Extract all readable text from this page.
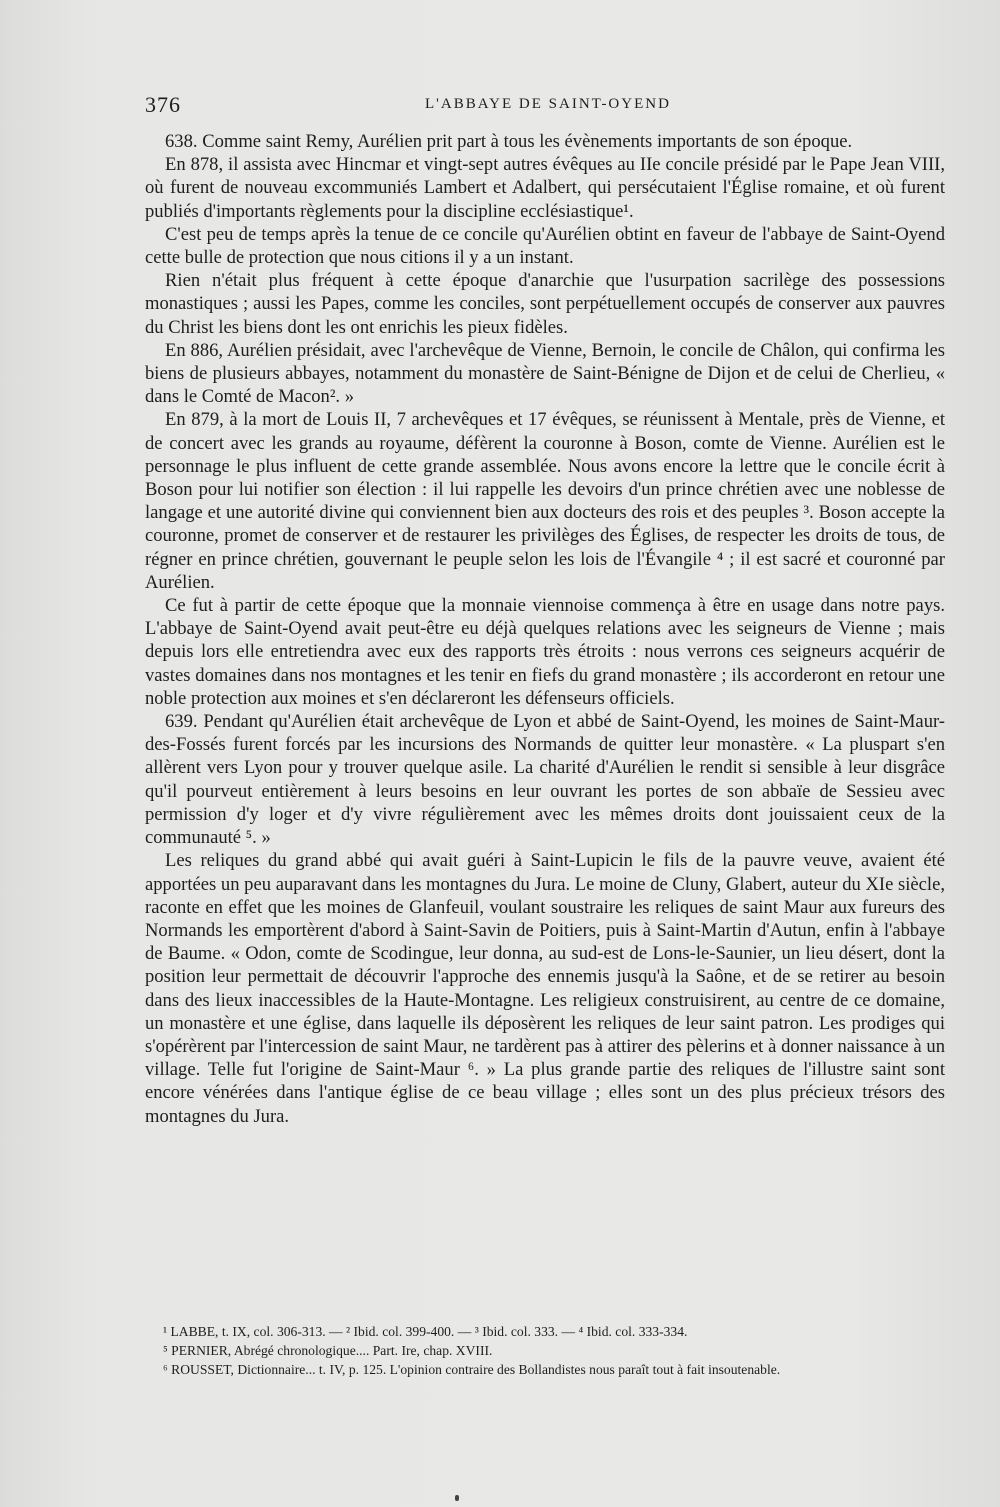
376	L'ABBAYE DE SAINT-OYEND

638. Comme saint Remy, Aurélien prit part à tous les évènements importants de son époque.

En 878, il assista avec Hincmar et vingt-sept autres évêques au IIe concile présidé par le Pape Jean VIII, où furent de nouveau excommuniés Lambert et Adalbert, qui persécutaient l'Église romaine, et où furent publiés d'importants règlements pour la discipline ecclésiastique¹.

C'est peu de temps après la tenue de ce concile qu'Aurélien obtint en faveur de l'abbaye de Saint-Oyend cette bulle de protection que nous citions il y a un instant.

Rien n'était plus fréquent à cette époque d'anarchie que l'usurpation sacrilège des possessions monastiques ; aussi les Papes, comme les conciles, sont perpétuellement occupés de conserver aux pauvres du Christ les biens dont les ont enrichis les pieux fidèles.

En 886, Aurélien présidait, avec l'archevêque de Vienne, Bernoin, le concile de Châlon, qui confirma les biens de plusieurs abbayes, notamment du monastère de Saint-Bénigne de Dijon et de celui de Cherlieu, « dans le Comté de Macon². »

En 879, à la mort de Louis II, 7 archevêques et 17 évêques, se réunissent à Mentale, près de Vienne, et de concert avec les grands au royaume, défèrent la couronne à Boson, comte de Vienne. Aurélien est le personnage le plus influent de cette grande assemblée. Nous avons encore la lettre que le concile écrit à Boson pour lui notifier son élection : il lui rappelle les devoirs d'un prince chrétien avec une noblesse de langage et une autorité divine qui conviennent bien aux docteurs des rois et des peuples ³. Boson accepte la couronne, promet de conserver et de restaurer les privilèges des Églises, de respecter les droits de tous, de régner en prince chrétien, gouvernant le peuple selon les lois de l'Évangile ⁴ ; il est sacré et couronné par Aurélien.

Ce fut à partir de cette époque que la monnaie viennoise commença à être en usage dans notre pays. L'abbaye de Saint-Oyend avait peut-être eu déjà quelques relations avec les seigneurs de Vienne ; mais depuis lors elle entretiendra avec eux des rapports très étroits : nous verrons ces seigneurs acquérir de vastes domaines dans nos montagnes et les tenir en fiefs du grand monastère ; ils accorderont en retour une noble protection aux moines et s'en déclareront les défenseurs officiels.

639. Pendant qu'Aurélien était archevêque de Lyon et abbé de Saint-Oyend, les moines de Saint-Maur-des-Fossés furent forcés par les incursions des Normands de quitter leur monastère. « La pluspart s'en allèrent vers Lyon pour y trouver quelque asile. La charité d'Aurélien le rendit si sensible à leur disgrâce qu'il pourveut entièrement à leurs besoins en leur ouvrant les portes de son abbaïe de Sessieu avec permission d'y loger et d'y vivre régulièrement avec les mêmes droits dont jouissaient ceux de la communauté ⁵. »

Les reliques du grand abbé qui avait guéri à Saint-Lupicin le fils de la pauvre veuve, avaient été apportées un peu auparavant dans les montagnes du Jura. Le moine de Cluny, Glabert, auteur du XIe siècle, raconte en effet que les moines de Glanfeuil, voulant soustraire les reliques de saint Maur aux fureurs des Normands les emportèrent d'abord à Saint-Savin de Poitiers, puis à Saint-Martin d'Autun, enfin à l'abbaye de Baume. « Odon, comte de Scodingue, leur donna, au sud-est de Lons-le-Saunier, un lieu désert, dont la position leur permettait de découvrir l'approche des ennemis jusqu'à la Saône, et de se retirer au besoin dans des lieux inaccessibles de la Haute-Montagne. Les religieux construisirent, au centre de ce domaine, un monastère et une église, dans laquelle ils déposèrent les reliques de leur saint patron. Les prodiges qui s'opérèrent par l'intercession de saint Maur, ne tardèrent pas à attirer des pèlerins et à donner naissance à un village. Telle fut l'origine de Saint-Maur ⁶. » La plus grande partie des reliques de l'illustre saint sont encore vénérées dans l'antique église de ce beau village ; elles sont un des plus précieux trésors des montagnes du Jura.

¹ LABBE, t. IX, col. 306-313. — ² Ibid. col. 399-400. — ³ Ibid. col. 333. — ⁴ Ibid. col. 333-334.

⁵ PERNIER, Abrégé chronologique.... Part. Ire, chap. XVIII.

⁶ ROUSSET, Dictionnaire... t. IV, p. 125. L'opinion contraire des Bollandistes nous paraît tout à fait insoutenable.
